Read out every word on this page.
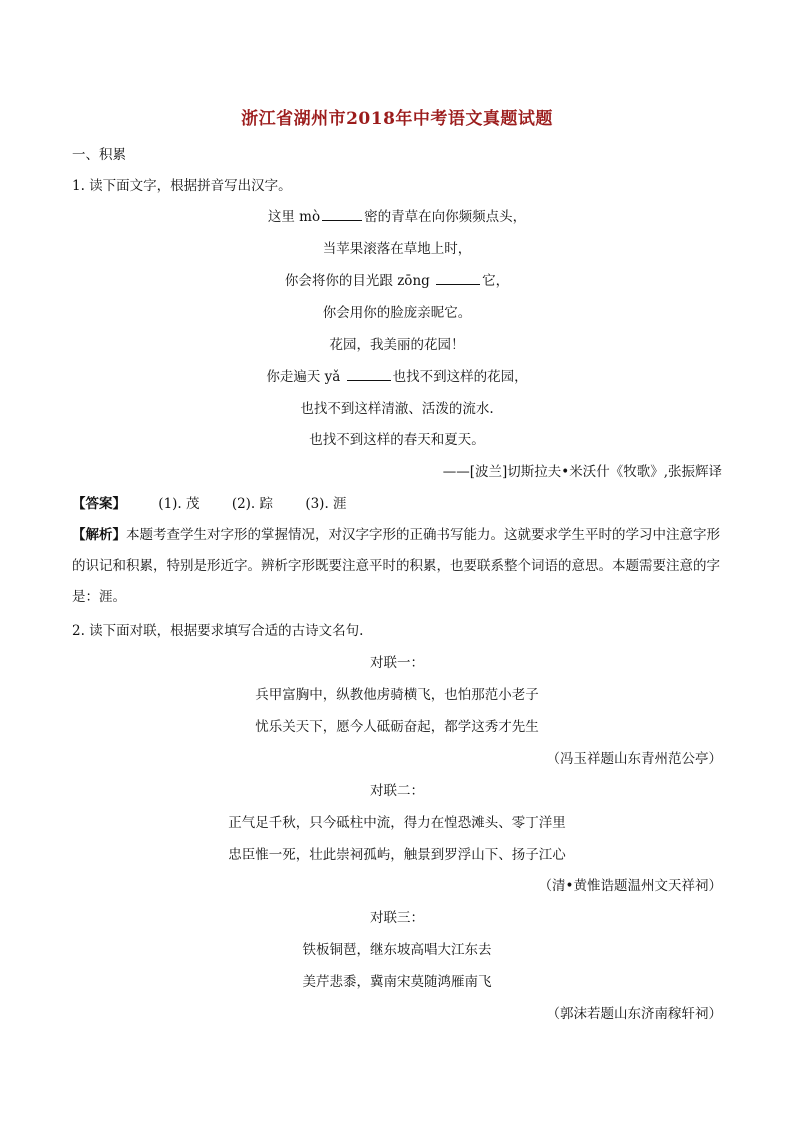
浙江省湖州市2018年中考语文真题试题
一、积累
1. 读下面文字，根据拼音写出汉字。
这里 mò	密的青草在向你频频点头，
当苹果滚落在草地上时，
你会将你的目光跟 zōng	它，
你会用你的脸庞亲昵它。
花园，我美丽的花园！
你走遍天 yǎ	也找不到这样的花园，
也找不到这样清澈、活泼的流水.
也找不到这样的春天和夏天。
——[波兰]切斯拉夫•米沃什《牧歌》,张振辉译
【答案】 (1). 茂 (2). 踪 (3). 涯
【解析】本题考查学生对字形的掌握情况，对汉字字形的正确书写能力。这就要求学生平时的学习中注意字形的识记和积累，特别是形近字。辨析字形既要注意平时的积累，也要联系整个词语的意思。本题需要注意的字是：涯。
2. 读下面对联，根据要求填写合适的古诗文名句.
对联一：
兵甲富胸中，纵教他虏骑横飞，也怕那范小老子
忧乐关天下，愿今人砥砺奋起，都学这秀才先生
（冯玉祥题山东青州范公亭）
对联二：
正气足千秋，只今砥柱中流，得力在惶恐滩头、零丁洋里
忠臣惟一死，壮此崇祠孤屿，触景到罗浮山下、扬子江心
（清•黄惟诰题温州文天祥祠）
对联三：
铁板铜琶，继东坡高唱大江东去
美芹悲黍，冀南宋莫随鸿雁南飞
（郭沫若题山东济南稼轩祠）
